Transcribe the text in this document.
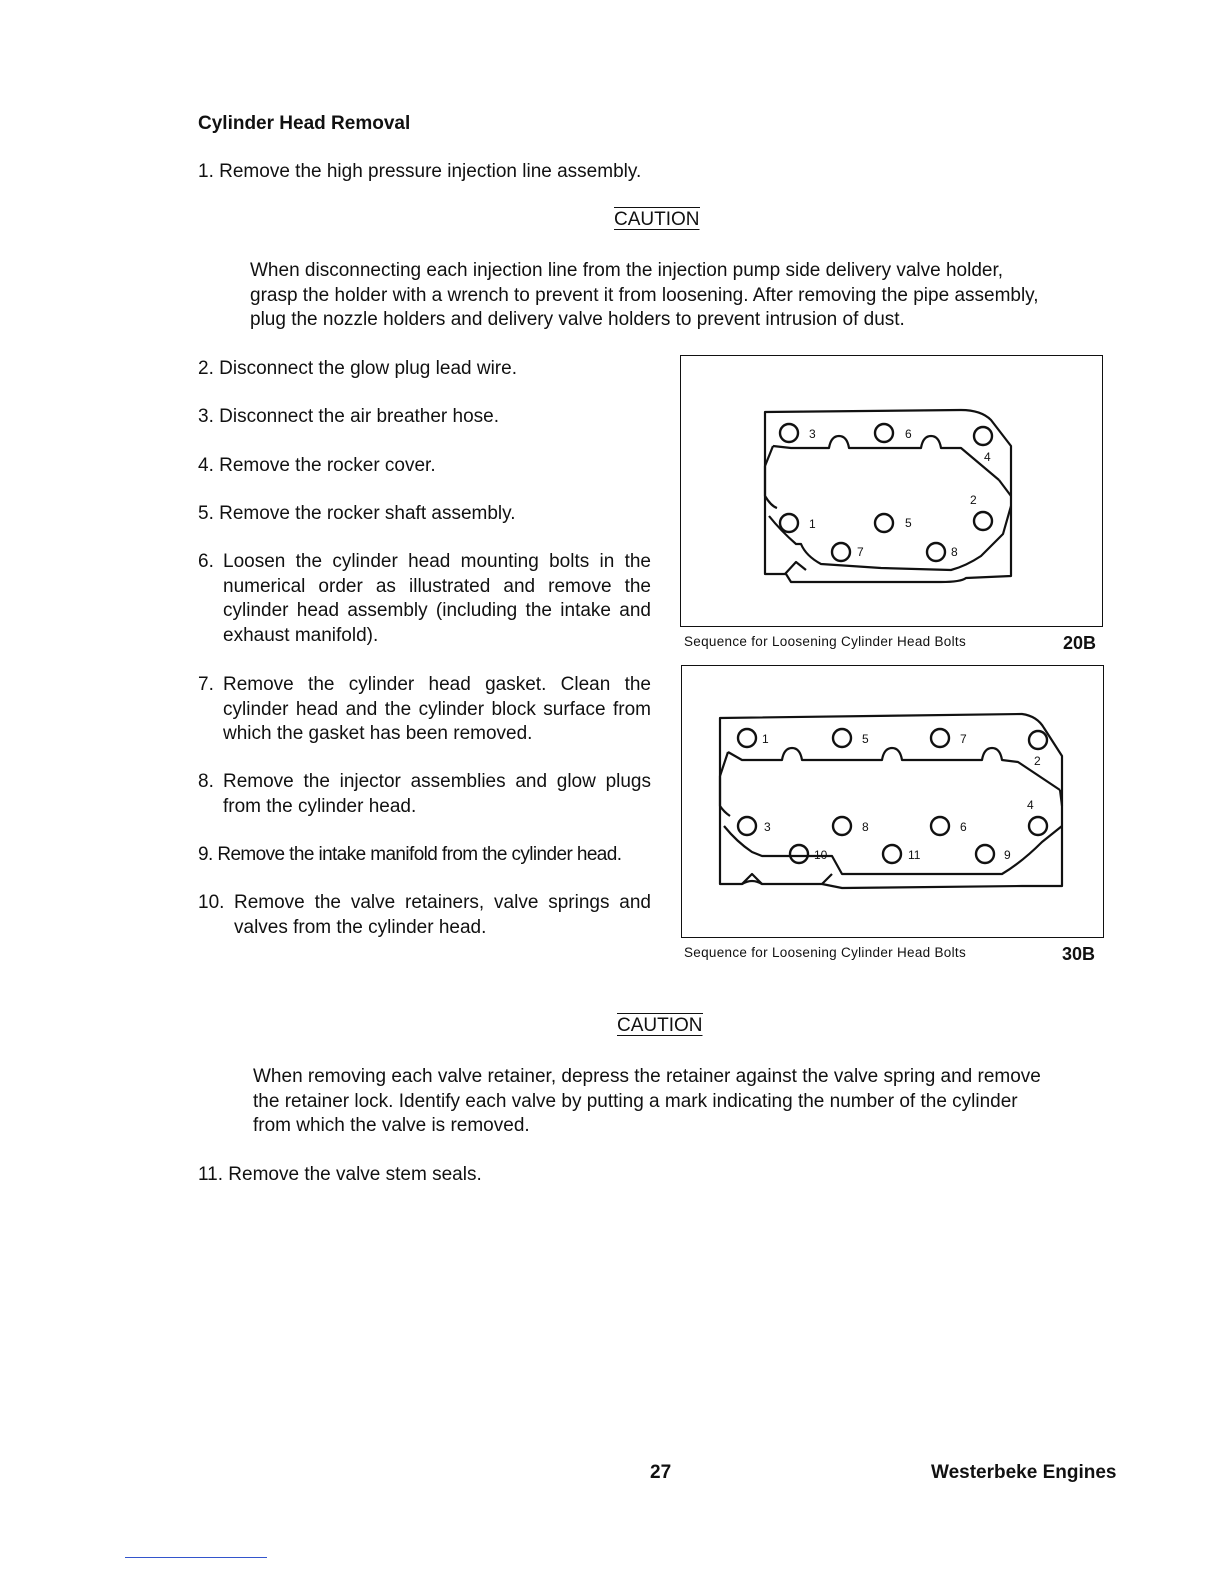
Cylinder Head Removal
1. Remove the high pressure injection line assembly.
CAUTION
When disconnecting each injection line from the injection pump side delivery valve holder, grasp the holder with a wrench to prevent it from loosening. After removing the pipe assembly, plug the nozzle holders and delivery valve holders to prevent intrusion of dust.
2. Disconnect the glow plug lead wire.
3. Disconnect the air breather hose.
4. Remove the rocker cover.
5. Remove the rocker shaft assembly.
6. Loosen the cylinder head mounting bolts in the numerical order as illustrated and remove the cylinder head assembly (including the intake and exhaust manifold).
7. Remove the cylinder head gasket. Clean the cylinder head and the cylinder block surface from which the gasket has been removed.
8. Remove the injector assemblies and glow plugs from the cylinder head.
9. Remove the intake manifold from the cylinder head.
10. Remove the valve retainers, valve springs and valves from the cylinder head.
3	6
4
2
1	5
7	8
Sequence for Loosening Cylinder Head Bolts	20B
1	5	7
2
4
3	8	6
10	11	9
Sequence for Loosening Cylinder Head Bolts	30B
CAUTION
When removing each valve retainer, depress the retainer against the valve spring and remove the retainer lock. Identify each valve by putting a mark indicating the number of the cylinder from which the valve is removed.
11. Remove the valve stem seals.
27	Westerbeke Engines
